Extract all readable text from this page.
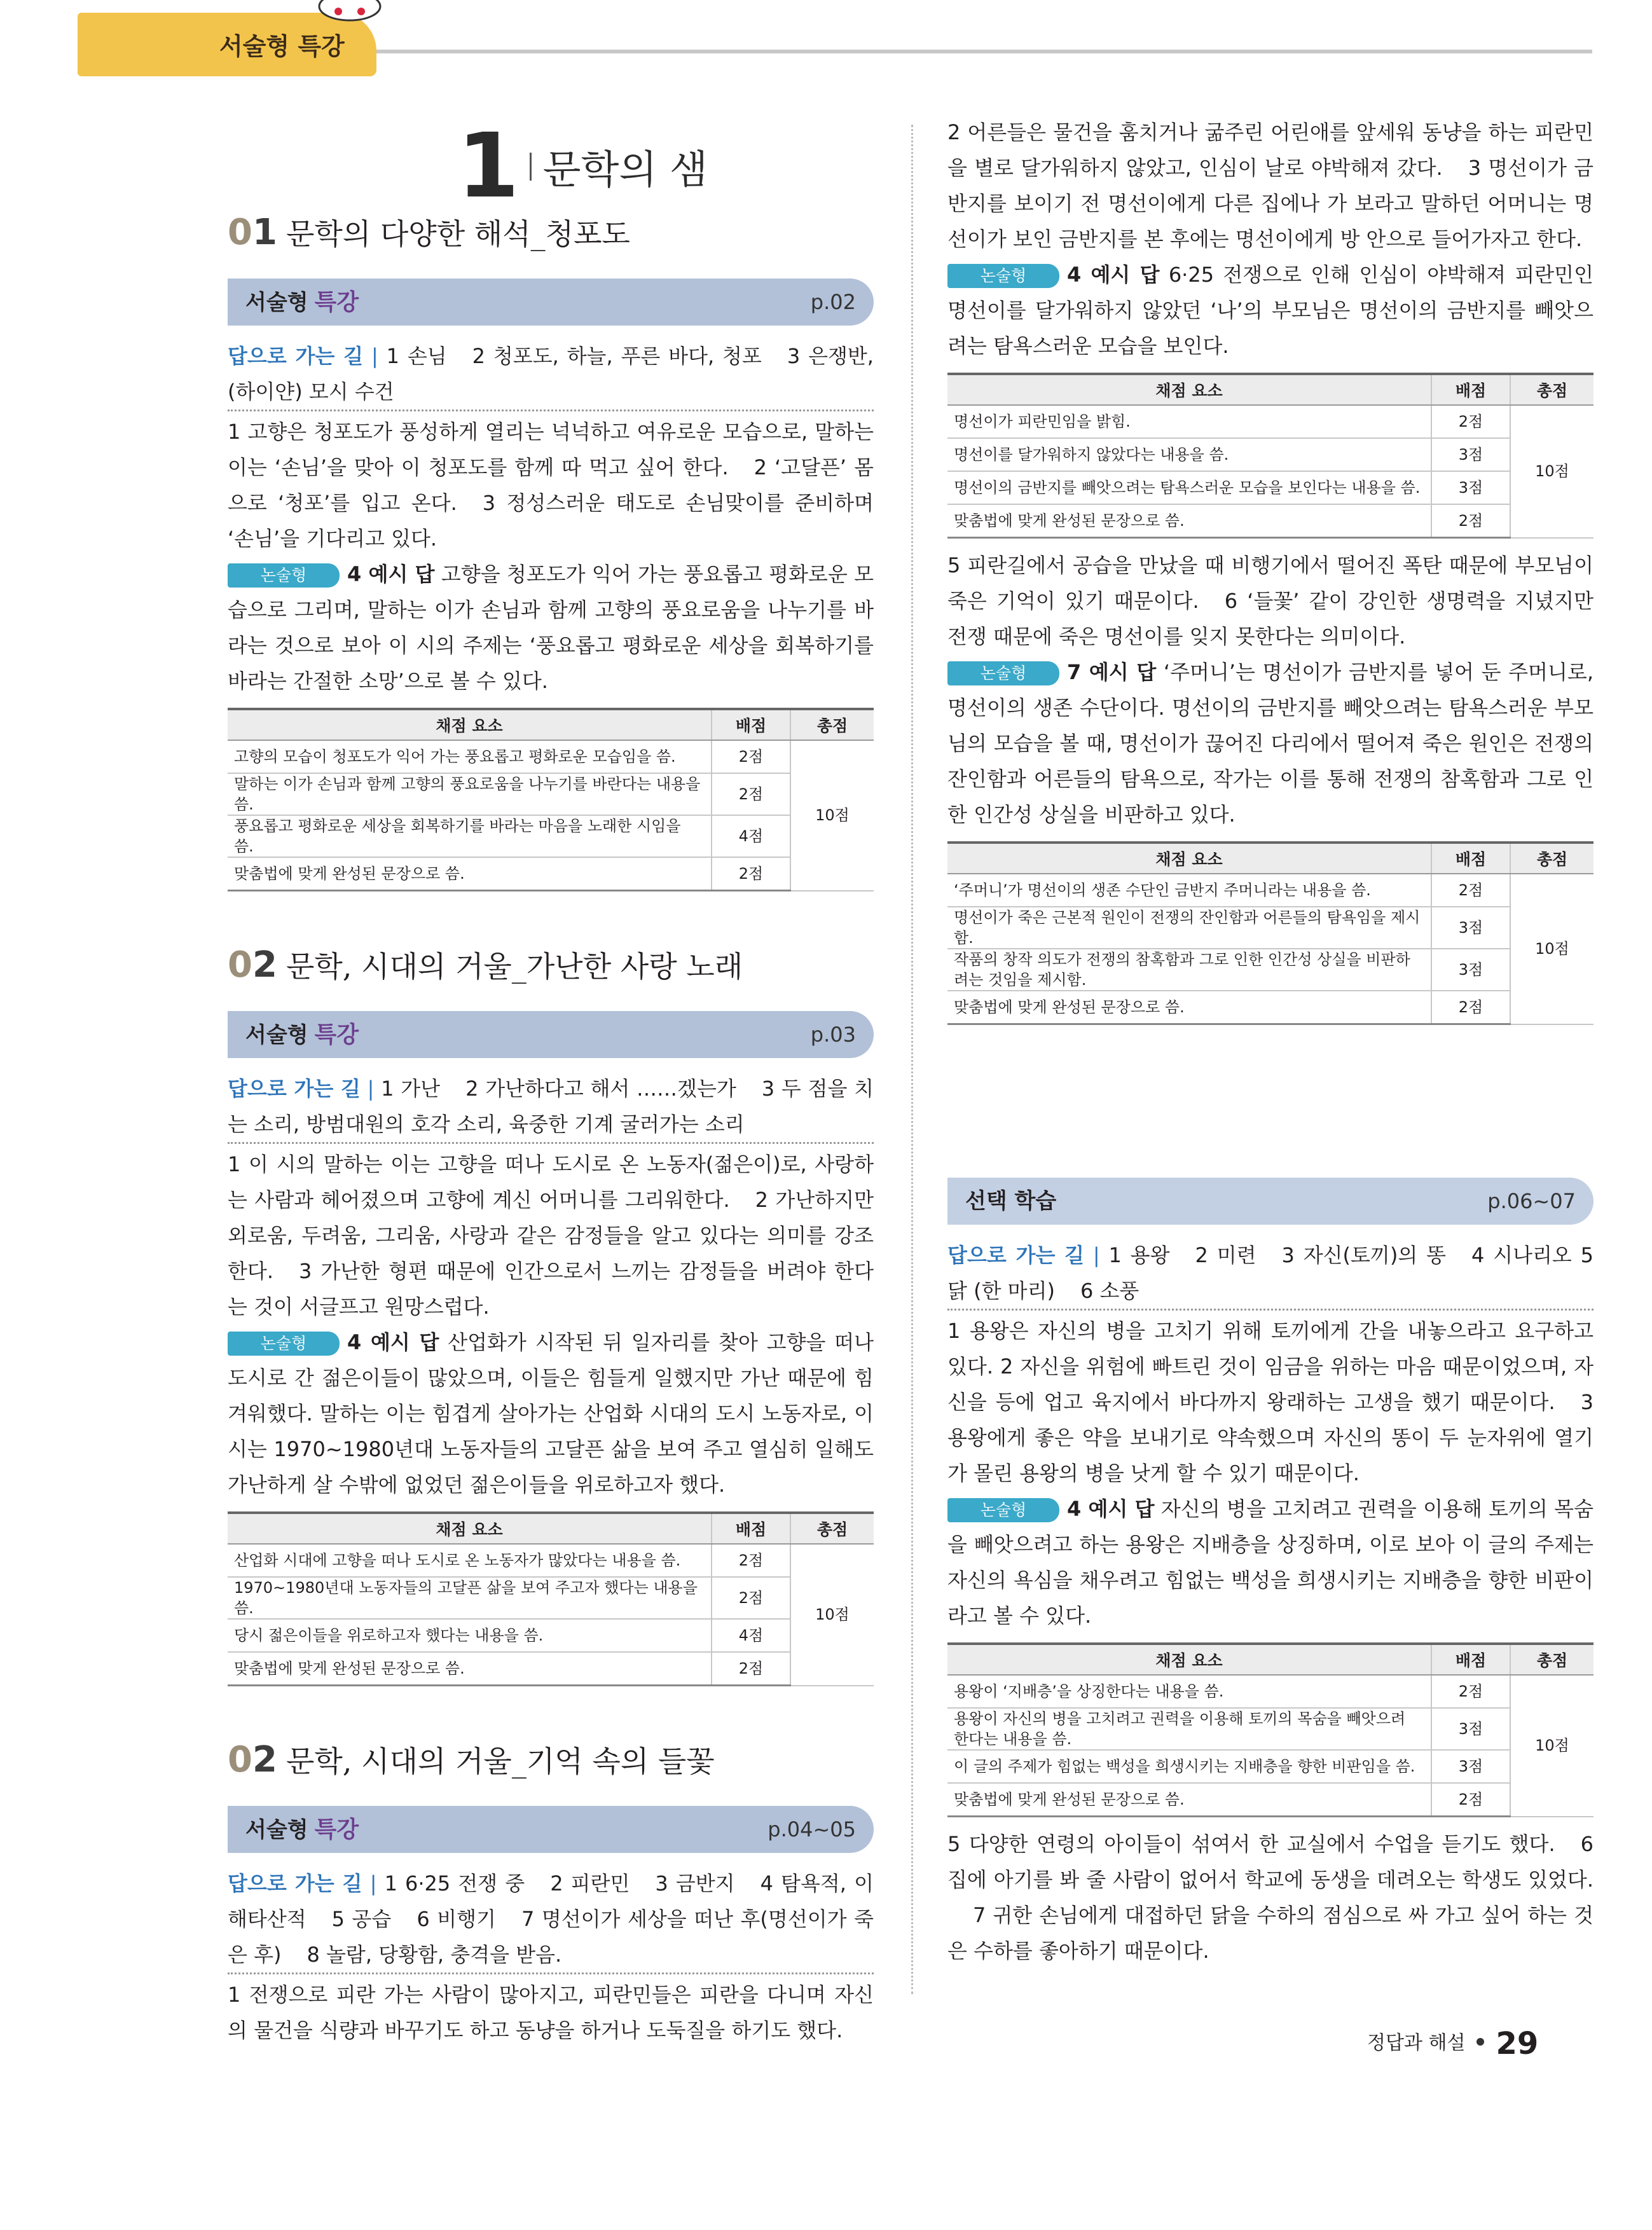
서술형 특강
1 문학의 샘
01 문학의 다양한 해석_청포도
서술형 특강	p.02
답으로 가는 길 | 1 손님 2 청포도, 하늘, 푸른 바다, 청포 3 은쟁반, (하이얀) 모시 수건
1 고향은 청포도가 풍성하게 열리는 넉넉하고 여유로운 모습으로, 말하는 이는 ‘손님’을 맞아 이 청포도를 함께 따 먹고 싶어 한다. 2 ‘고달픈’ 몸으로 ‘청포’를 입고 온다. 3 정성스러운 태도로 손님맞이를 준비하며 ‘손님’을 기다리고 있다.
논술형 4 예시 답 고향을 청포도가 익어 가는 풍요롭고 평화로운 모습으로 그리며, 말하는 이가 손님과 함께 고향의 풍요로움을 나누기를 바라는 것으로 보아 이 시의 주제는 ‘풍요롭고 평화로운 세상을 회복하기를 바라는 간절한 소망’으로 볼 수 있다.
채점 요소	배점	총점
고향의 모습이 청포도가 익어 가는 풍요롭고 평화로운 모습임을 씀.	2점	10점
말하는 이가 손님과 함께 고향의 풍요로움을 나누기를 바란다는 내용을 씀.	2점	
풍요롭고 평화로운 세상을 회복하기를 바라는 마음을 노래한 시임을 씀.	4점	
맞춤법에 맞게 완성된 문장으로 씀.	2점	
02 문학, 시대의 거울_가난한 사랑 노래
서술형 특강	p.03
답으로 가는 길 | 1 가난 2 가난하다고 해서 ……겠는가 3 두 점을 치 는 소리, 방범대원의 호각 소리, 육중한 기계 굴러가는 소리
1 이 시의 말하는 이는 고향을 떠나 도시로 온 노동자(젊은이)로, 사랑하는 사람과 헤어졌으며 고향에 계신 어머니를 그리워한다. 2 가난하지만 외로움, 두려움, 그리움, 사랑과 같은 감정들을 알고 있다는 의미를 강조한다. 3 가난한 형편 때문에 인간으로서 느끼는 감정들을 버려야 한다는 것이 서글프고 원망스럽다.
논술형 4 예시 답 산업화가 시작된 뒤 일자리를 찾아 고향을 떠나 도시로 간 젊은이들이 많았으며, 이들은 힘들게 일했지만 가난 때문에 힘겨워했다. 말하는 이는 힘겹게 살아가는 산업화 시대의 도시 노동자로, 이 시는 1970~1980년대 노동자들의 고달픈 삶을 보여 주고 열심히 일해도 가난하게 살 수밖에 없었던 젊은이들을 위로하고자 했다.
채점 요소	배점	총점
산업화 시대에 고향을 떠나 도시로 온 노동자가 많았다는 내용을 씀.	2점	10점
1970~1980년대 노동자들의 고달픈 삶을 보여 주고자 했다는 내용을 씀.	2점	
당시 젊은이들을 위로하고자 했다는 내용을 씀.	4점	
맞춤법에 맞게 완성된 문장으로 씀.	2점	
02 문학, 시대의 거울_기억 속의 들꽃
서술형 특강	p.04~05
답으로 가는 길 | 1 6·25 전쟁 중 2 피란민 3 금반지 4 탐욕적, 이해타산적 5 공습 6 비행기 7 명선이가 세상을 떠난 후(명선이가 죽은 후) 8 놀람, 당황함, 충격을 받음.
1 전쟁으로 피란 가는 사람이 많아지고, 피란민들은 피란을 다니며 자신의 물건을 식량과 바꾸기도 하고 동냥을 하거나 도둑질을 하기도 했다.
2 어른들은 물건을 훔치거나 굶주린 어린애를 앞세워 동냥을 하는 피란민을 별로 달가워하지 않았고, 인심이 날로 야박해져 갔다. 3 명선이가 금반지를 보이기 전 명선이에게 다른 집에나 가 보라고 말하던 어머니는 명선이가 보인 금반지를 본 후에는 명선이에게 방 안으로 들어가자고 한다.
논술형 4 예시 답 6·25 전쟁으로 인해 인심이 야박해져 피란민인 명선이를 달가워하지 않았던 ‘나’의 부모님은 명선이의 금반지를 빼앗으려는 탐욕스러운 모습을 보인다.
채점 요소	배점	총점
명선이가 피란민임을 밝힘.	2점	10점
명선이를 달가워하지 않았다는 내용을 씀.	3점	
명선이의 금반지를 빼앗으려는 탐욕스러운 모습을 보인다는 내용을 씀.	3점	
맞춤법에 맞게 완성된 문장으로 씀.	2점	
5 피란길에서 공습을 만났을 때 비행기에서 떨어진 폭탄 때문에 부모님이 죽은 기억이 있기 때문이다. 6 ‘들꽃’ 같이 강인한 생명력을 지녔지만 전쟁 때문에 죽은 명선이를 잊지 못한다는 의미이다.
논술형 7 예시 답 ‘주머니’는 명선이가 금반지를 넣어 둔 주머니로, 명선이의 생존 수단이다. 명선이의 금반지를 빼앗으려는 탐욕스러운 부모님의 모습을 볼 때, 명선이가 끊어진 다리에서 떨어져 죽은 원인은 전쟁의 잔인함과 어른들의 탐욕으로, 작가는 이를 통해 전쟁의 참혹함과 그로 인한 인간성 상실을 비판하고 있다.
채점 요소	배점	총점
‘주머니’가 명선이의 생존 수단인 금반지 주머니라는 내용을 씀.	2점	10점
명선이가 죽은 근본적 원인이 전쟁의 잔인함과 어른들의 탐욕임을 제시함.	3점	
작품의 창작 의도가 전쟁의 참혹함과 그로 인한 인간성 상실을 비판하려는 것임을 제시함.	3점	
맞춤법에 맞게 완성된 문장으로 씀.	2점	
선택 학습	p.06~07
답으로 가는 길 | 1 용왕 2 미련 3 자신(토끼)의 똥 4 시나리오 5 닭 (한 마리) 6 소풍
1 용왕은 자신의 병을 고치기 위해 토끼에게 간을 내놓으라고 요구하고 있다. 2 자신을 위험에 빠트린 것이 임금을 위하는 마음 때문이었으며, 자신을 등에 업고 육지에서 바다까지 왕래하는 고생을 했기 때문이다. 3 용왕에게 좋은 약을 보내기로 약속했으며 자신의 똥이 두 눈자위에 열기가 몰린 용왕의 병을 낫게 할 수 있기 때문이다.
논술형 4 예시 답 자신의 병을 고치려고 권력을 이용해 토끼의 목숨을 빼앗으려고 하는 용왕은 지배층을 상징하며, 이로 보아 이 글의 주제는 자신의 욕심을 채우려고 힘없는 백성을 희생시키는 지배층을 향한 비판이라고 볼 수 있다.
채점 요소	배점	총점
용왕이 ‘지배층’을 상징한다는 내용을 씀.	2점	10점
용왕이 자신의 병을 고치려고 권력을 이용해 토끼의 목숨을 빼앗으려 한다는 내용을 씀.	3점	
이 글의 주제가 힘없는 백성을 희생시키는 지배층을 향한 비판임을 씀.	3점	
맞춤법에 맞게 완성된 문장으로 씀.	2점	
5 다양한 연령의 아이들이 섞여서 한 교실에서 수업을 듣기도 했다. 6 집에 아기를 봐 줄 사람이 없어서 학교에 동생을 데려오는 학생도 있었다.7 귀한 손님에게 대접하던 닭을 수하의 점심으로 싸 가고 싶어 하는 것은 수하를 좋아하기 때문이다.
정답과 해설 29
